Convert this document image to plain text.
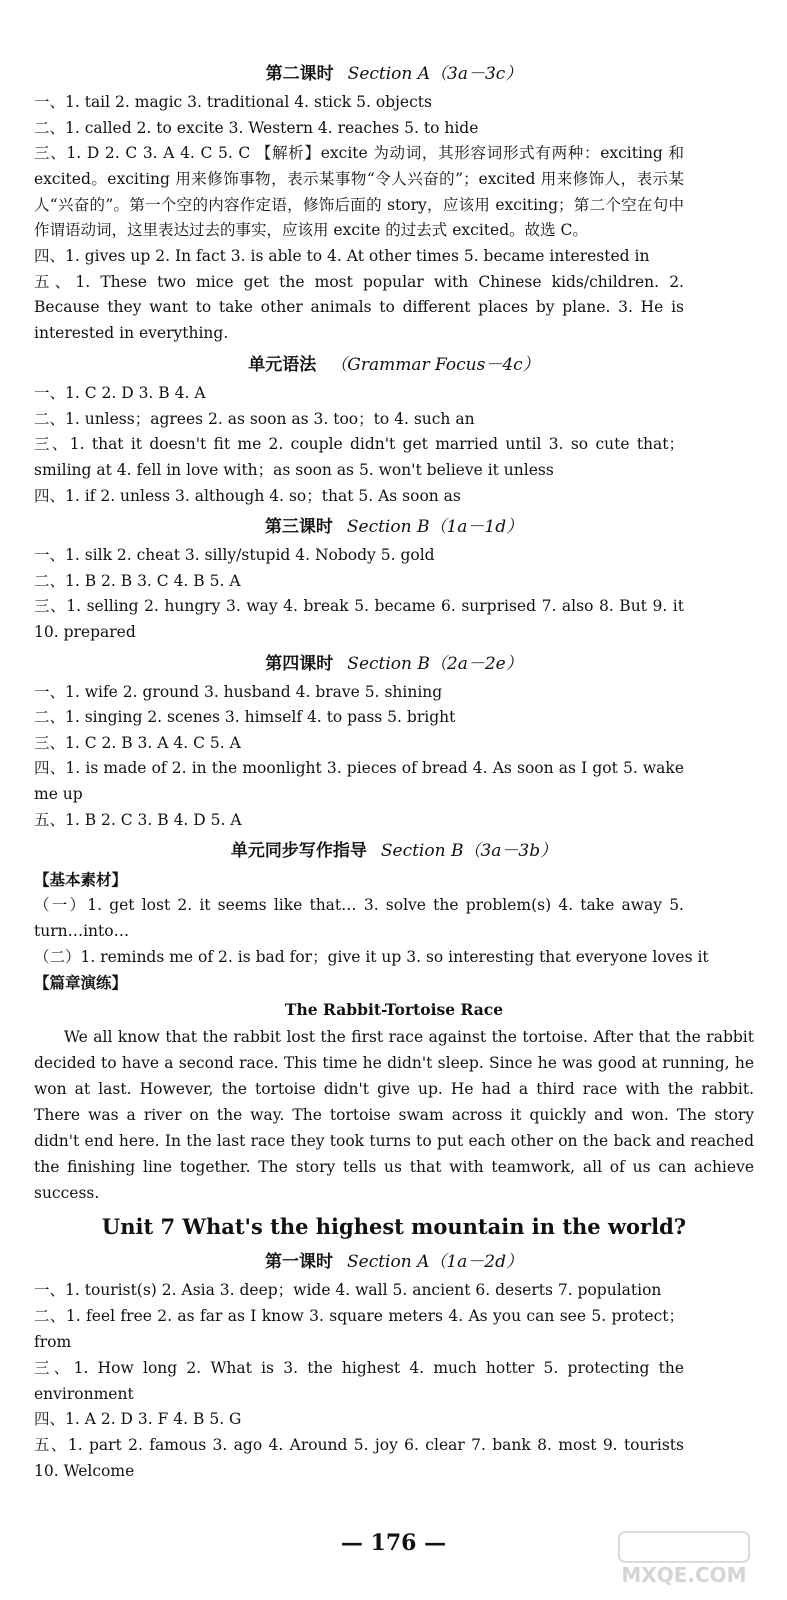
第二课时 Section A（3a－3c）
一、1. tail 2. magic 3. traditional 4. stick 5. objects
二、1. called 2. to excite 3. Western 4. reaches 5. to hide
三、1. D 2. C 3. A 4. C 5. C 【解析】excite 为动词，其形容词形式有两种：exciting 和 excited。exciting 用来修饰事物，表示某事物“令人兴奋的”；excited 用来修饰人，表示某人“兴奋的”。第一个空的内容作定语，修饰后面的 story，应该用 exciting；第二个空在句中作谓语动词，这里表达过去的事实，应该用 excite 的过去式 excited。故选 C。
四、1. gives up 2. In fact 3. is able to 4. At other times 5. became interested in
五、1. These two mice get the most popular with Chinese kids/children. 2. Because they want to take other animals to different places by plane. 3. He is interested in everything.
单元语法 （Grammar Focus－4c）
一、1. C 2. D 3. B 4. A
二、1. unless；agrees 2. as soon as 3. too；to 4. such an
三、1. that it doesn't fit me 2. couple didn't get married until 3. so cute that；smiling at 4. fell in love with；as soon as 5. won't believe it unless
四、1. if 2. unless 3. although 4. so；that 5. As soon as
第三课时 Section B（1a－1d）
一、1. silk 2. cheat 3. silly/stupid 4. Nobody 5. gold
二、1. B 2. B 3. C 4. B 5. A
三、1. selling 2. hungry 3. way 4. break 5. became 6. surprised 7. also 8. But 9. it 10. prepared
第四课时 Section B（2a－2e）
一、1. wife 2. ground 3. husband 4. brave 5. shining
二、1. singing 2. scenes 3. himself 4. to pass 5. bright
三、1. C 2. B 3. A 4. C 5. A
四、1. is made of 2. in the moonlight 3. pieces of bread 4. As soon as I got 5. wake me up
五、1. B 2. C 3. B 4. D 5. A
单元同步写作指导 Section B（3a－3b）
【基本素材】
（一）1. get lost 2. it seems like that… 3. solve the problem(s) 4. take away 5. turn…into…
（二）1. reminds me of 2. is bad for；give it up 3. so interesting that everyone loves it
【篇章演练】
The Rabbit-Tortoise Race

We all know that the rabbit lost the first race against the tortoise. After that the rabbit decided to have a second race. This time he didn't sleep. Since he was good at running, he won at last. However, the tortoise didn't give up. He had a third race with the rabbit. There was a river on the way. The tortoise swam across it quickly and won. The story didn't end here. In the last race they took turns to put each other on the back and reached the finishing line together. The story tells us that with teamwork, all of us can achieve success.

Unit 7 What's the highest mountain in the world?
第一课时 Section A（1a－2d）
一、1. tourist(s) 2. Asia 3. deep；wide 4. wall 5. ancient 6. deserts 7. population
二、1. feel free 2. as far as I know 3. square meters 4. As you can see 5. protect；from
三、1. How long 2. What is 3. the highest 4. much hotter 5. protecting the environment
四、1. A 2. D 3. F 4. B 5. G
五、1. part 2. famous 3. ago 4. Around 5. joy 6. clear 7. bank 8. most 9. tourists 10. Welcome
— 176 —
MXQE.COM
